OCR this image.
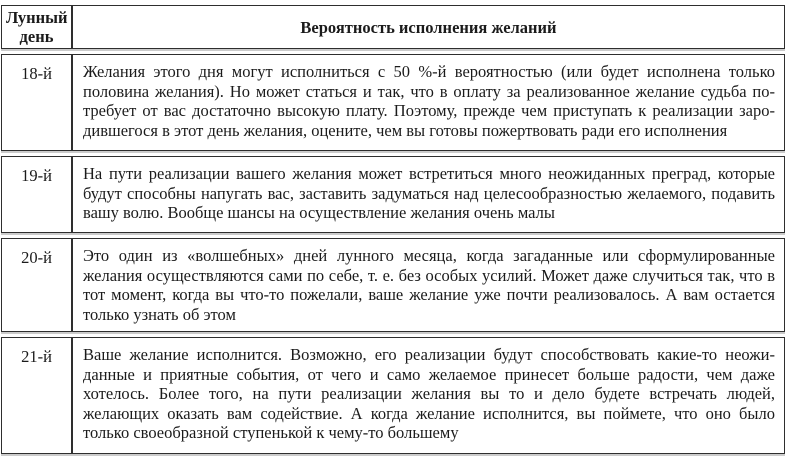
Лунный день	Вероятность исполнения желаний
18-й	Желания этого дня могут исполниться с 50 %-й вероятностью (или будет исполнена только половина желания). Но может статься и так, что в оплату за реализованное желание судьба потребует от вас достаточно высокую плату. Поэтому, прежде чем приступать к реализации зародившегося в этот день желания, оцените, чем вы готовы пожертвовать ради его исполнения
19-й	На пути реализации вашего желания может встретиться много неожиданных преград, которые будут способны напугать вас, заставить задуматься над целесообразностью желаемого, подавить вашу волю. Вообще шансы на осуществление желания очень малы
20-й	Это один из «волшебных» дней лунного месяца, когда загаданные или сформулированные желания осуществляются сами по себе, т. е. без особых усилий. Может даже случиться так, что в тот момент, когда вы что-то пожелали, ваше желание уже почти реализовалось. А вам остается только узнать об этом
21-й	Ваше желание исполнится. Возможно, его реализации будут способствовать какие-то неожиданные и приятные события, от чего и само желаемое принесет больше радости, чем даже хотелось. Более того, на пути реализации желания вы то и дело будете встречать людей, желающих оказать вам содействие. А когда желание исполнится, вы поймете, что оно было только своеобразной ступенькой к чему-то большему
